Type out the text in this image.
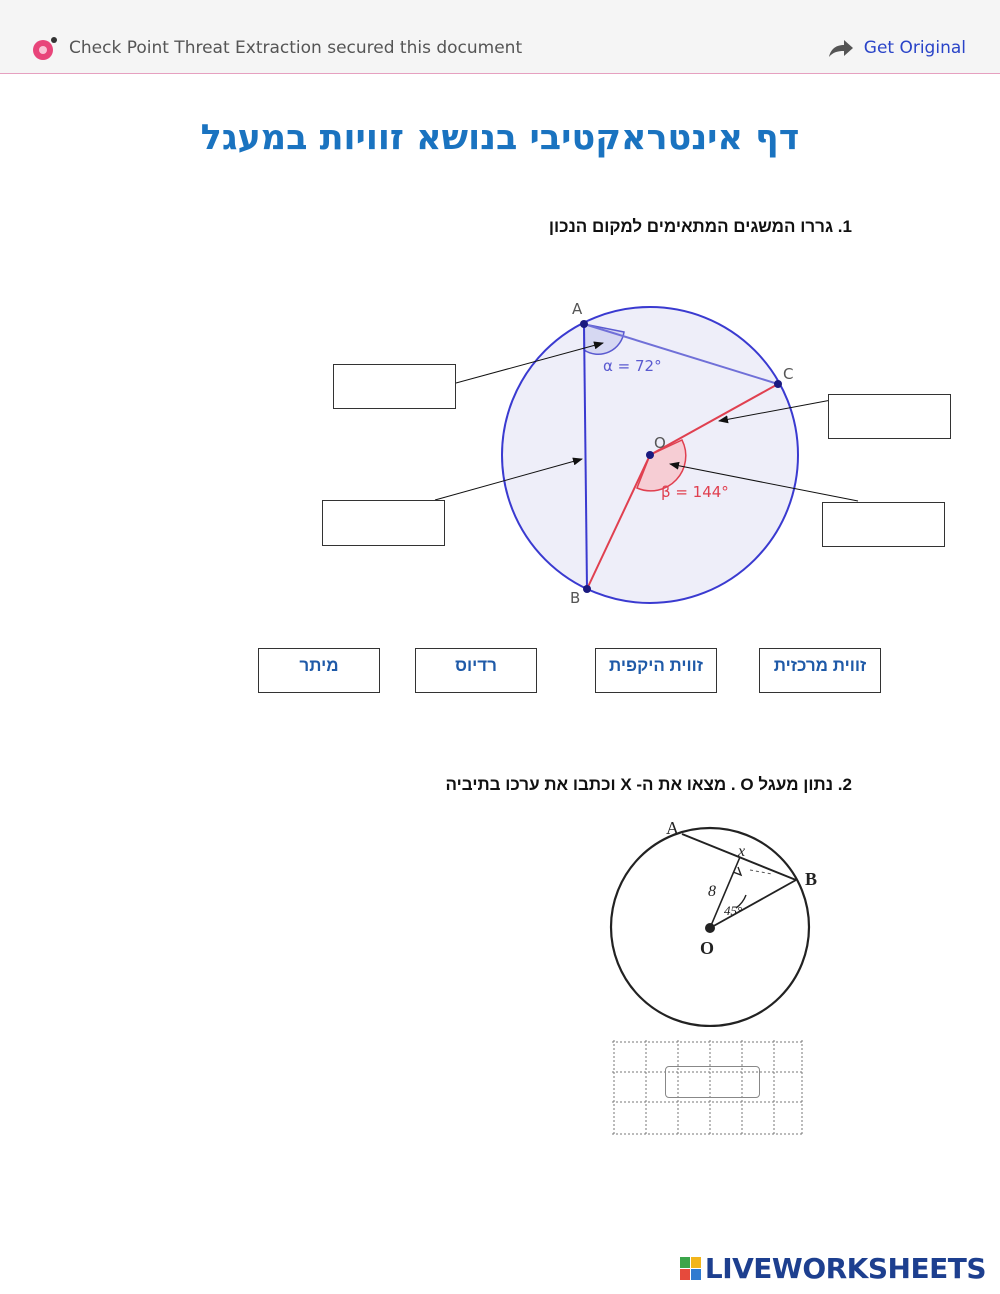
Check Point Threat Extraction secured this document	Get Original
דף אינטראקטיבי בנושא זוויות במעגל
1. גררו המשגים המתאימים למקום הנכון
A
C
O
B
α = 72°
β = 144°
מיתר	רדיוס	זווית היקפית	זווית מרכזית
2. נתון מעגל O . מצאו את ה- X וכתבו את ערכו בתיביה
A
B
O
x
8
45°
LIVEWORKSHEETS
